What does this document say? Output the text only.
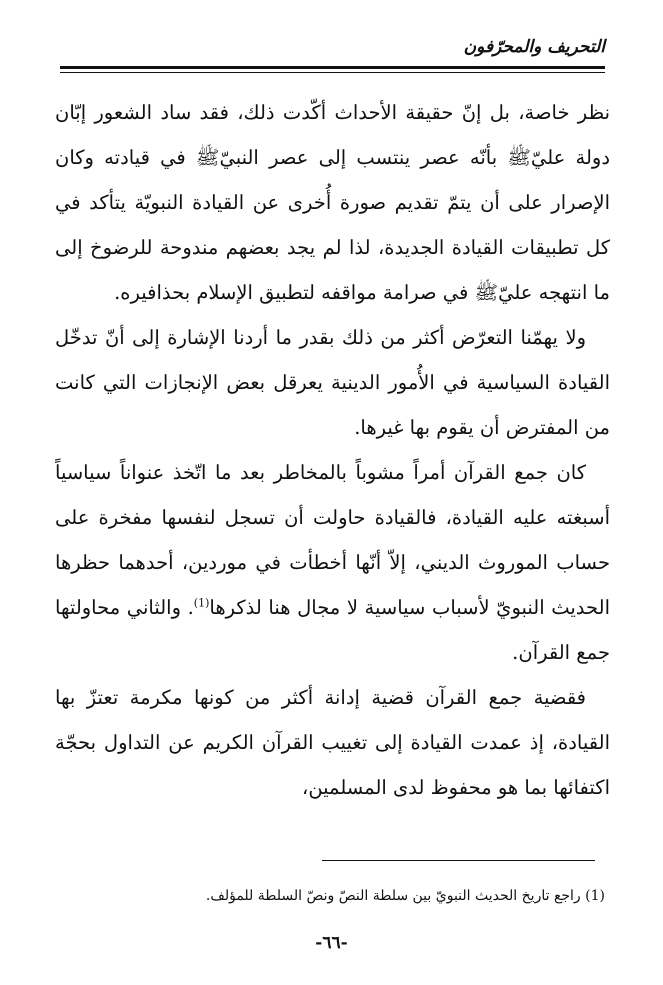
التحريف والمحرّفون

نظر خاصة، بل إنّ حقيقة الأحداث أكّدت ذلك، فقد ساد الشعور إبّان دولة عليّ‏ﷺ بأنّه عصر ينتسب إلى عصر النبيّﷺ في قيادته وكان الإصرار على أن يتمّ تقديم صورة أُخرى عن القيادة النبويّة يتأكد في كل تطبيقات القيادة الجديدة، لذا لم يجد بعضهم مندوحة للرضوخ إلى ما انتهجه عليّ‏ﷺ في صرامة مواقفه لتطبيق الإسلام بحذافيره.

ولا يهمّنا التعرّض أكثر من ذلك بقدر ما أردنا الإشارة إلى أنّ تدخّل القيادة السياسية في الأُمور الدينية يعرقل بعض الإنجازات التي كانت من المفترض أن يقوم بها غيرها.

كان جمع القرآن أمراً مشوباً بالمخاطر بعد ما اتّخذ عنواناً سياسياً أسبغته عليه القيادة، فالقيادة حاولت أن تسجل لنفسها مفخرة على حساب الموروث الديني، إلاّ أنّها أخطأت في موردين، أحدهما حظرها الحديث النبويّ لأسباب سياسية لا مجال هنا لذكرها$^{(1)}$. والثاني محاولتها جمع القرآن.

فقضية جمع القرآن قضية إدانة أكثر من كونها مكرمة تعتزّ بها القيادة، إذ عمدت القيادة إلى تغييب القرآن الكريم عن التداول بحجّة اكتفائها بما هو محفوظ لدى المسلمين،

(1) راجع تاريخ الحديث النبويّ بين سلطة النصّ ونصّ السلطة للمؤلف.
-٦٦-
